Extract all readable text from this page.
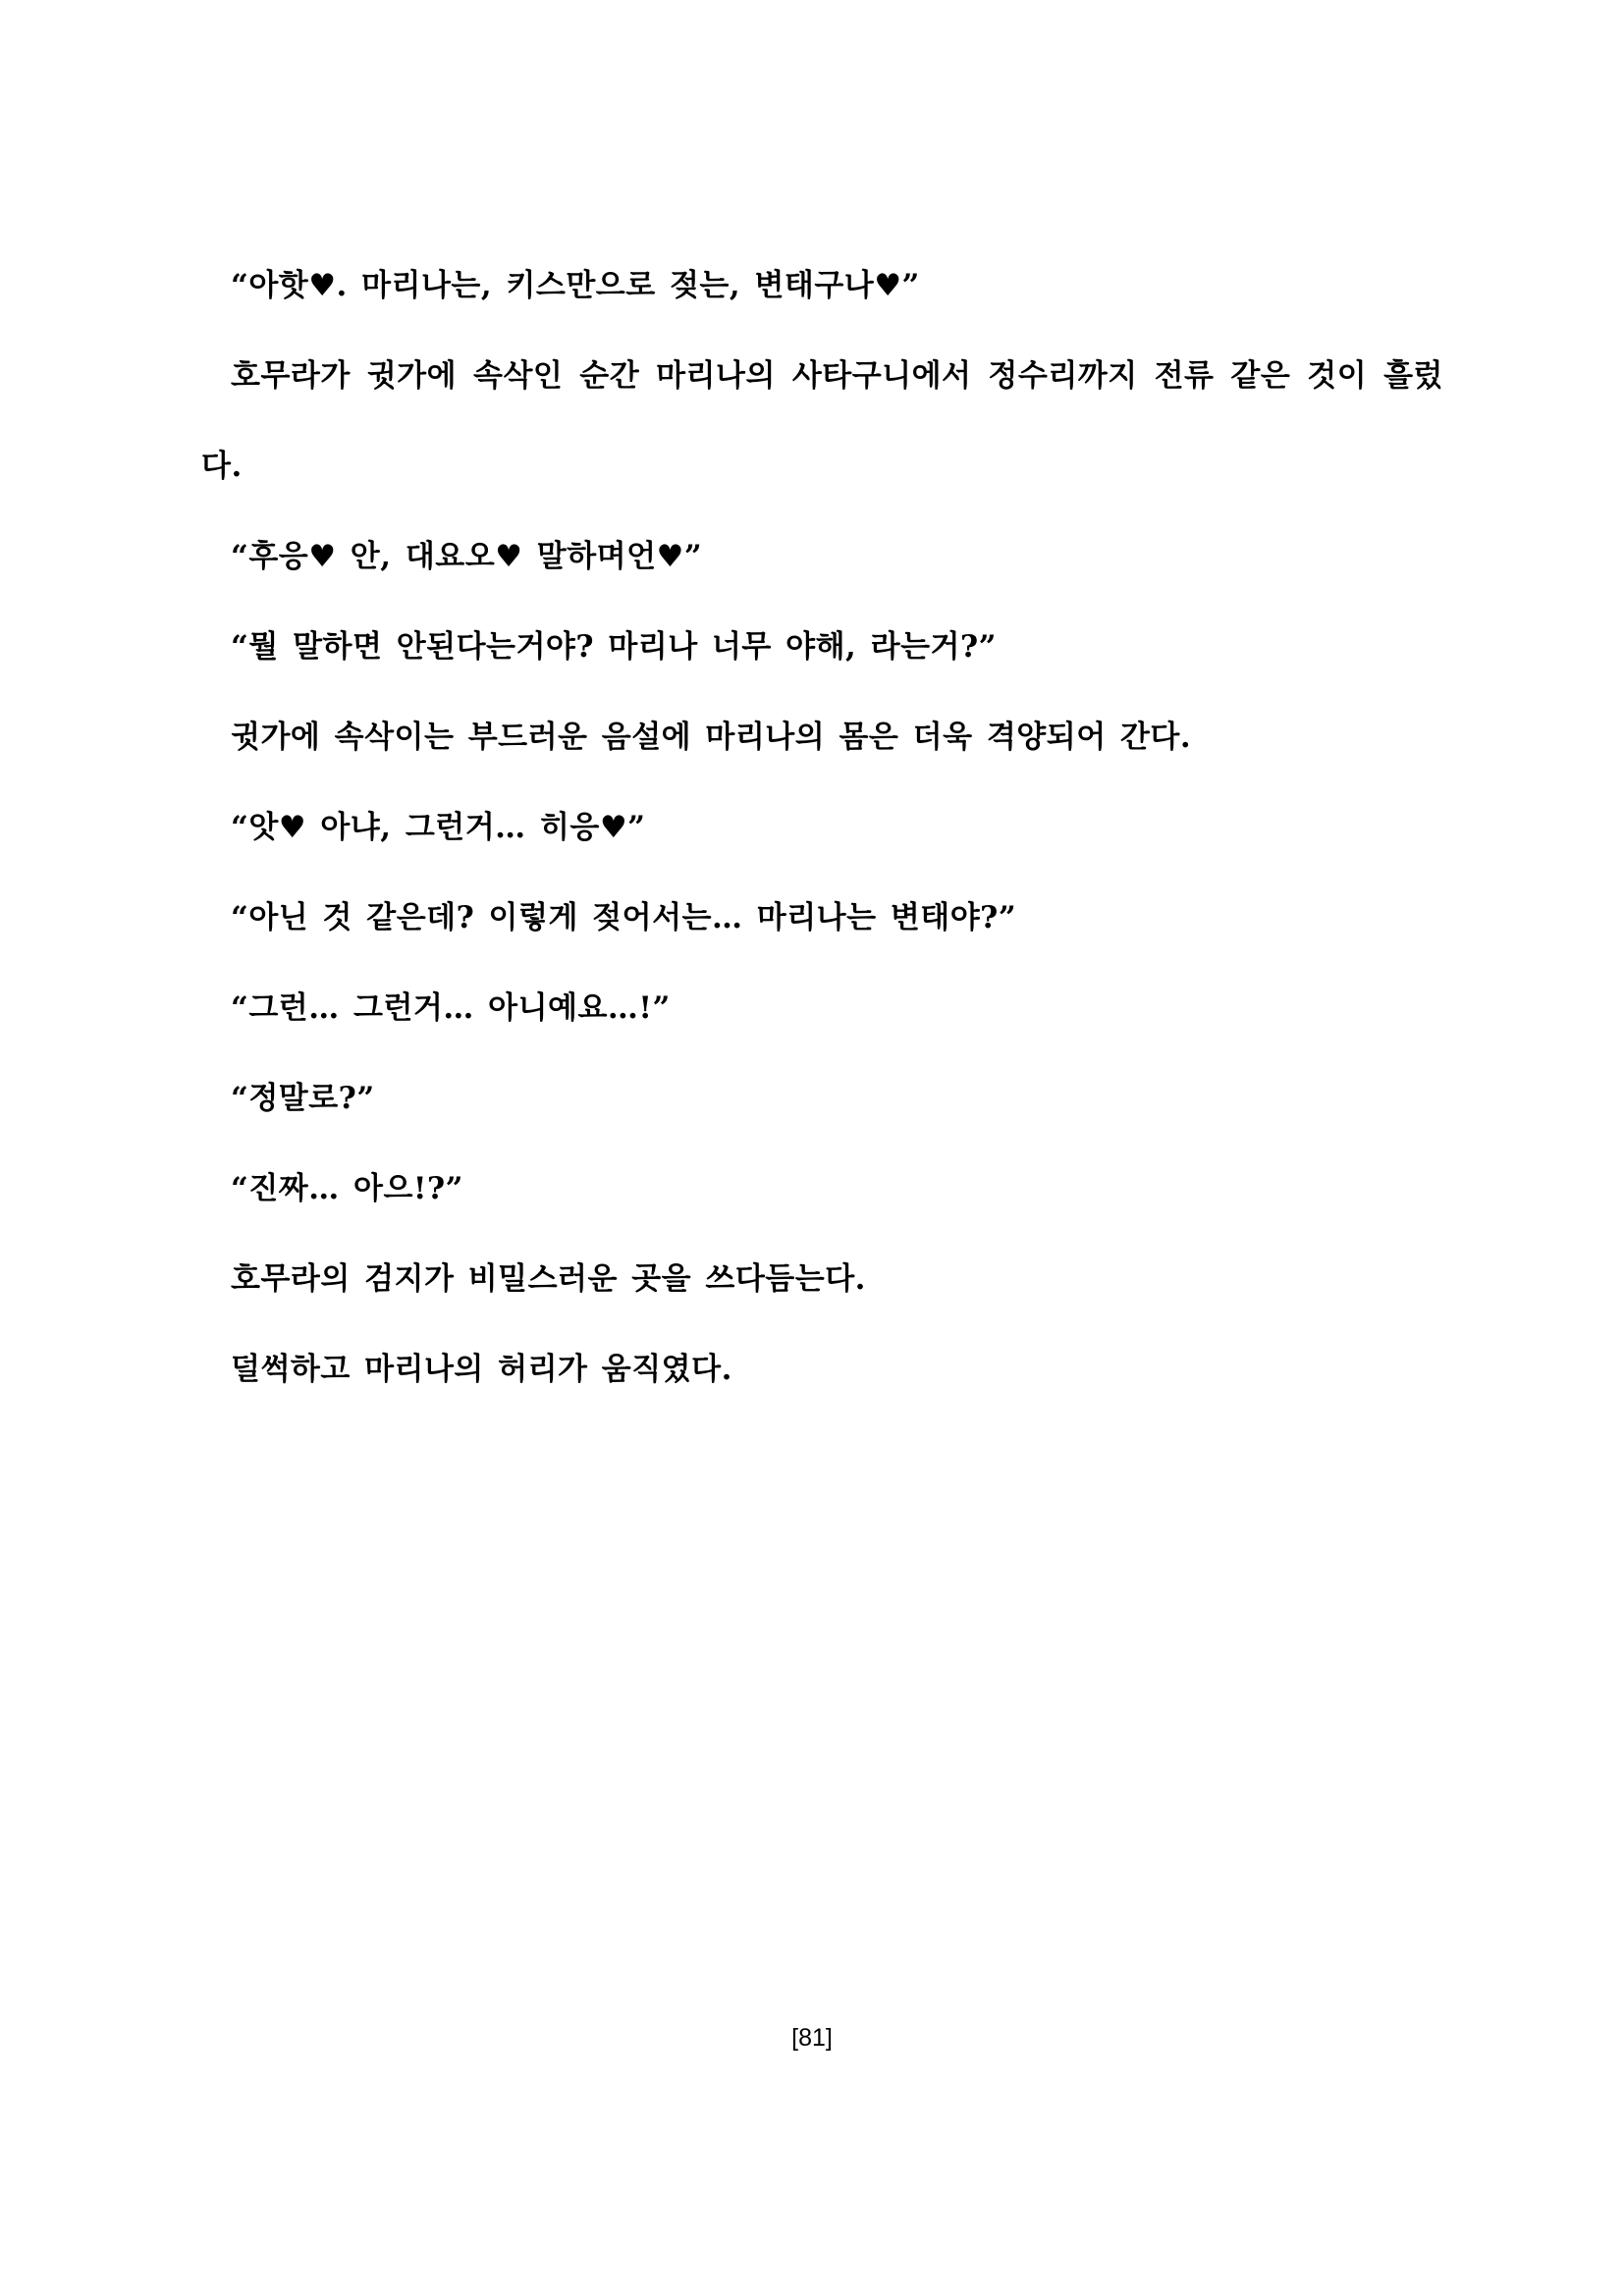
“아핫♥. 마리나는, 키스만으로 젖는, 변태구나♥”

호무라가 귓가에 속삭인 순간 마리나의 사타구니에서 정수리까지 전류 같은 것이 흘렀다.

“후응♥ 안, 대요오♥ 말하며언♥”

“뭘 말하면 안된다는거야? 마리나 너무 야해, 라는거?”

귓가에 속삭이는 부드러운 음설에 마리나의 몸은 더욱 격양되어 간다.

“앗♥ 아냐, 그런거… 히응♥”

“아닌 것 같은데? 이렇게 젖어서는… 마리나는 변태야?”

“그런… 그런거… 아니예요…!”

“정말로?”

“진짜… 아으!?”

호무라의 검지가 비밀스러운 곳을 쓰다듬는다.

덜썩하고 마리나의 허리가 움직였다.

[81]
